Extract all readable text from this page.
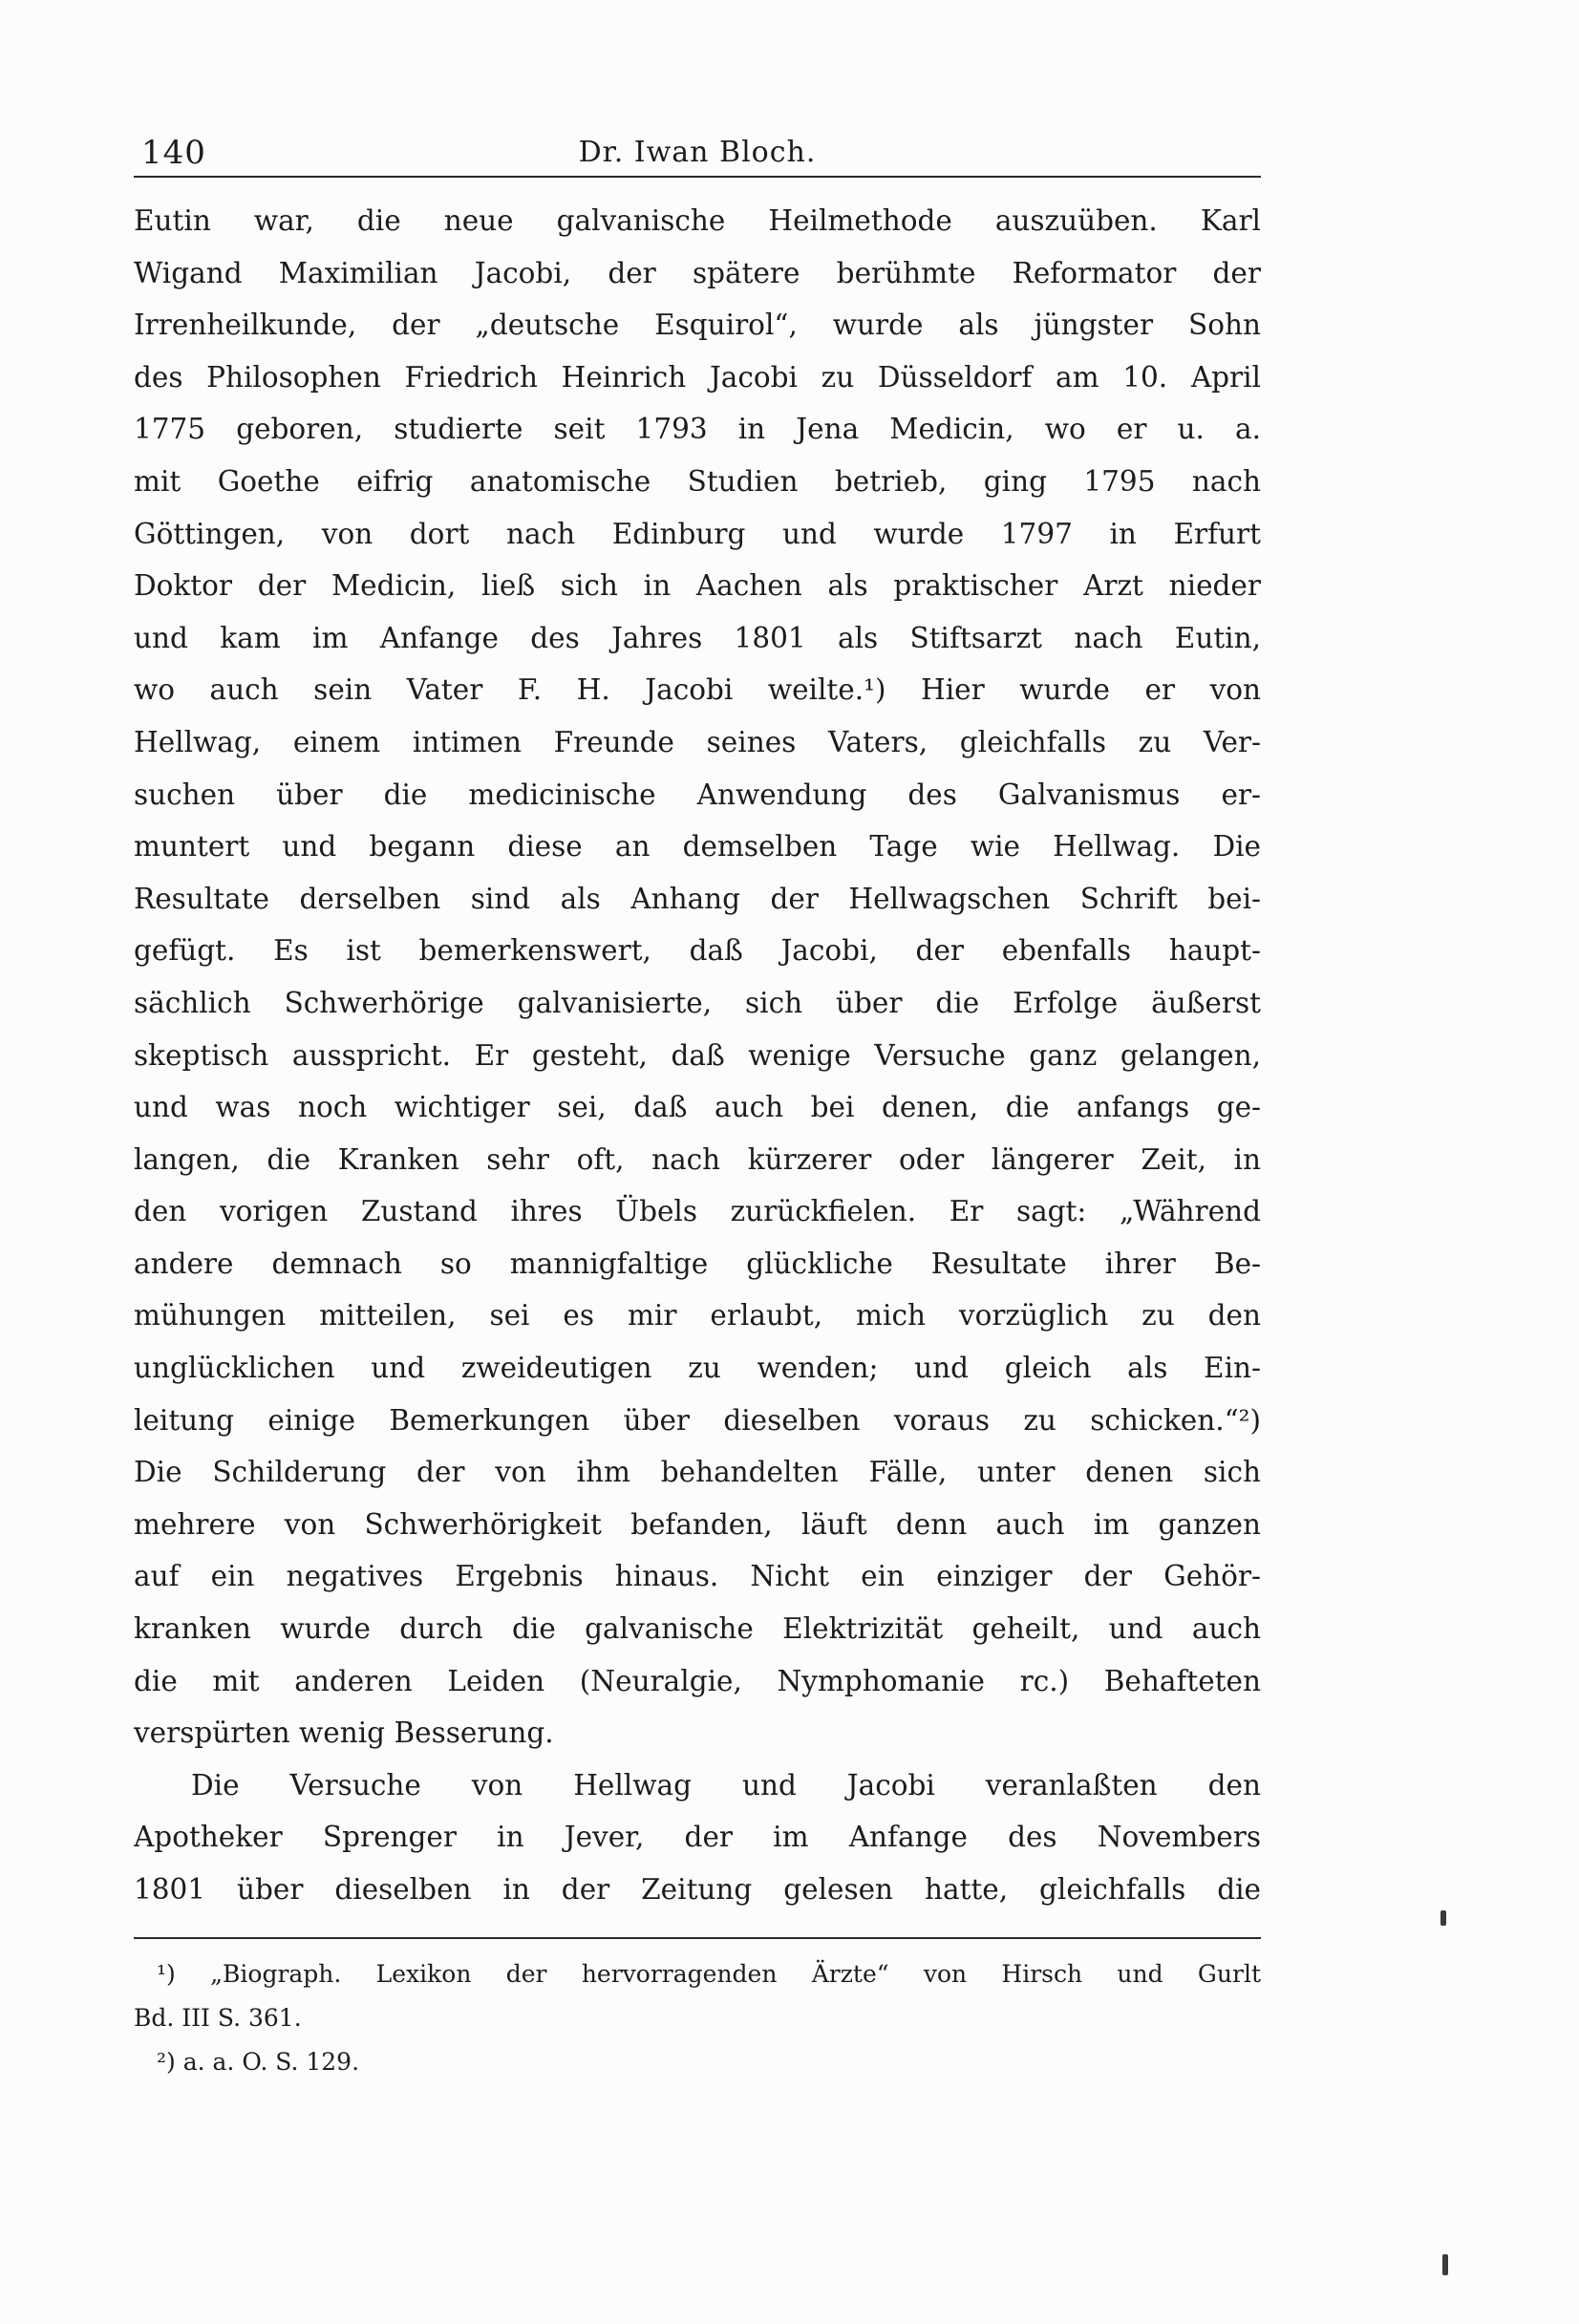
140	Dr. Iwan Bloch.
Eutin war, die neue galvanische Heilmethode auszuüben. Karl
Wigand Maximilian Jacobi, der spätere berühmte Reformator der
Irrenheilkunde, der „deutsche Esquirol“, wurde als jüngster Sohn
des Philosophen Friedrich Heinrich Jacobi zu Düsseldorf am 10. April
1775 geboren, studierte seit 1793 in Jena Medicin, wo er u. a.
mit Goethe eifrig anatomische Studien betrieb, ging 1795 nach
Göttingen, von dort nach Edinburg und wurde 1797 in Erfurt
Doktor der Medicin, ließ sich in Aachen als praktischer Arzt nieder
und kam im Anfange des Jahres 1801 als Stiftsarzt nach Eutin,
wo auch sein Vater F. H. Jacobi weilte.¹) Hier wurde er von
Hellwag, einem intimen Freunde seines Vaters, gleichfalls zu Ver-
suchen über die medicinische Anwendung des Galvanismus er-
muntert und begann diese an demselben Tage wie Hellwag. Die
Resultate derselben sind als Anhang der Hellwagschen Schrift bei-
gefügt. Es ist bemerkenswert, daß Jacobi, der ebenfalls haupt-
sächlich Schwerhörige galvanisierte, sich über die Erfolge äußerst
skeptisch ausspricht. Er gesteht, daß wenige Versuche ganz gelangen,
und was noch wichtiger sei, daß auch bei denen, die anfangs ge-
langen, die Kranken sehr oft, nach kürzerer oder längerer Zeit, in
den vorigen Zustand ihres Übels zurückfielen. Er sagt: „Während
andere demnach so mannigfaltige glückliche Resultate ihrer Be-
mühungen mitteilen, sei es mir erlaubt, mich vorzüglich zu den
unglücklichen und zweideutigen zu wenden; und gleich als Ein-
leitung einige Bemerkungen über dieselben voraus zu schicken.“²)
Die Schilderung der von ihm behandelten Fälle, unter denen sich
mehrere von Schwerhörigkeit befanden, läuft denn auch im ganzen
auf ein negatives Ergebnis hinaus. Nicht ein einziger der Gehör-
kranken wurde durch die galvanische Elektrizität geheilt, und auch
die mit anderen Leiden (Neuralgie, Nymphomanie rc.) Behafteten
verspürten wenig Besserung.
Die Versuche von Hellwag und Jacobi veranlaßten den
Apotheker Sprenger in Jever, der im Anfange des Novembers
1801 über dieselben in der Zeitung gelesen hatte, gleichfalls die
¹) „Biograph. Lexikon der hervorragenden Ärzte“ von Hirsch und Gurlt
Bd. III S. 361.
²) a. a. O. S. 129.
